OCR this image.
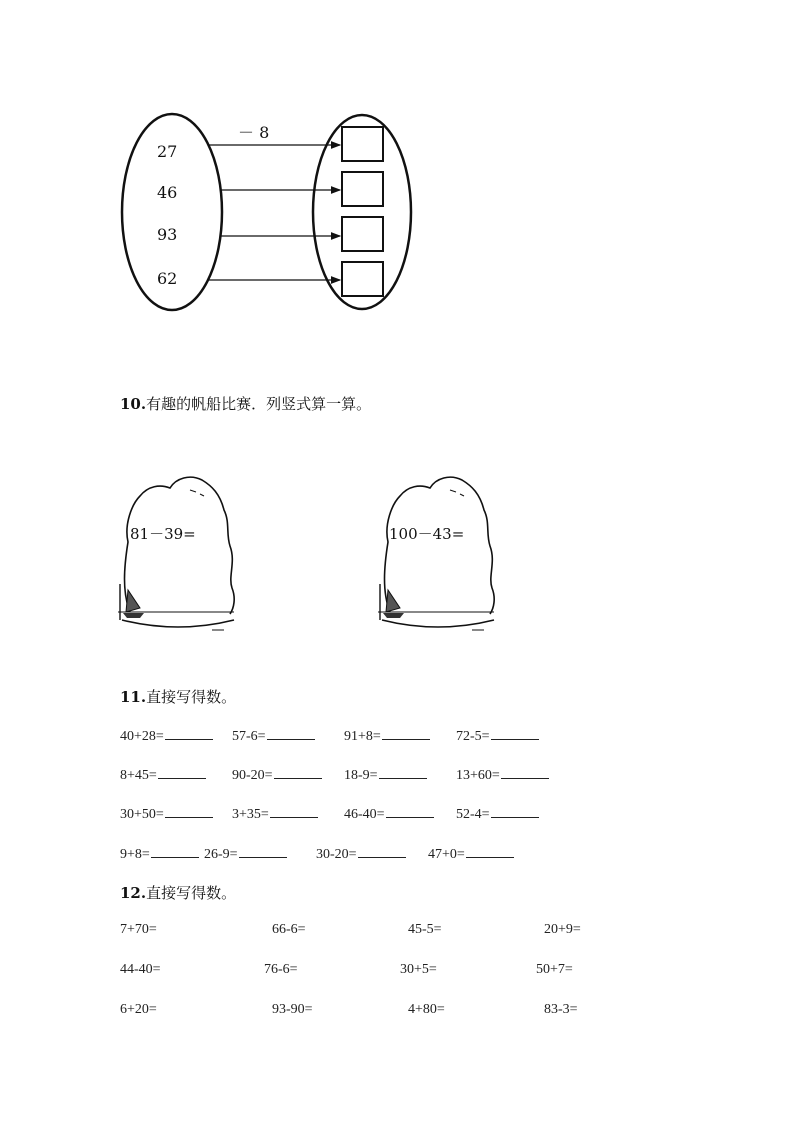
－ 8
27
46
93
62
10.有趣的帆船比赛．列竖式算一算。
81－39=	100－43=
11.直接写得数。
40+28=	57-6=	91+8=	72-5=
8+45=	90-20=	18-9=	13+60=
30+50=	3+35=	46-40=	52-4=
9+8=	26-9=	30-20=	47+0=
12.直接写得数。
7+70=	66-6=	45-5=	20+9=
44-40=	76-6=	30+5=	50+7=
6+20=	93-90=	4+80=	83-3=
